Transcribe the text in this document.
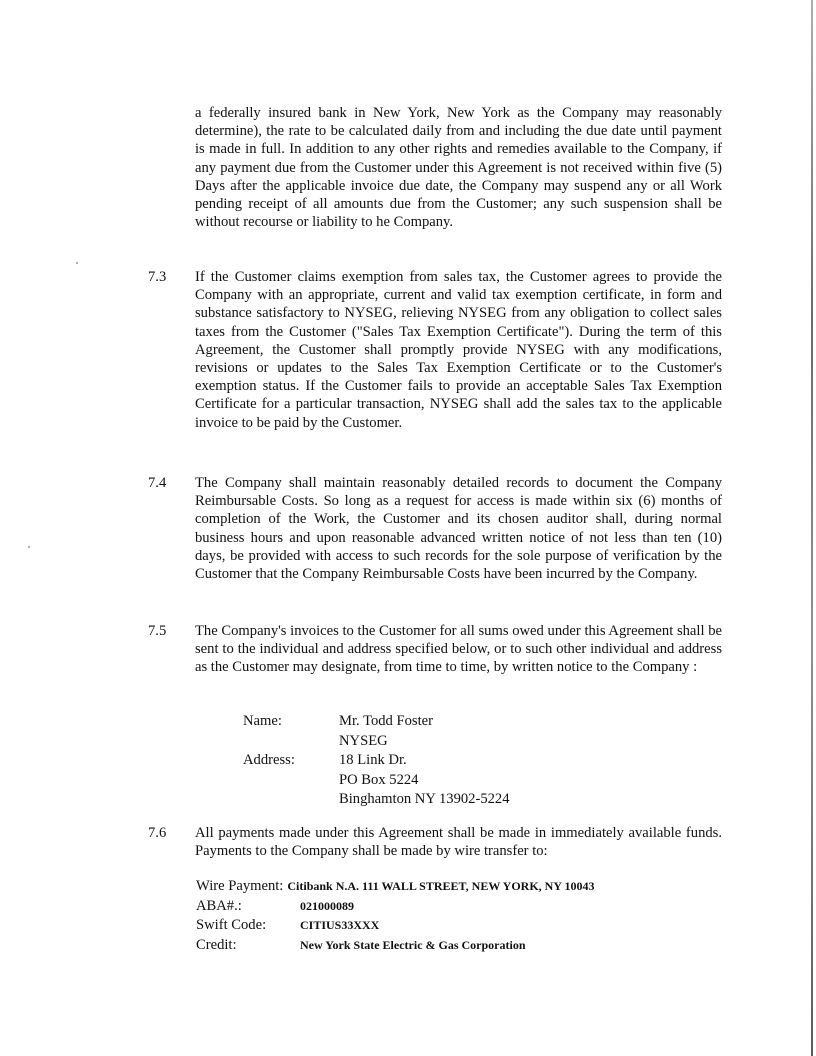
a federally insured bank in New York, New York as the Company may reasonably determine), the rate to be calculated daily from and including the due date until payment is made in full. In addition to any other rights and remedies available to the Company, if any payment due from the Customer under this Agreement is not received within five (5) Days after the applicable invoice due date, the Company may suspend any or all Work pending receipt of all amounts due from the Customer; any such suspension shall be without recourse or liability to he Company.
7.3 If the Customer claims exemption from sales tax, the Customer agrees to provide the Company with an appropriate, current and valid tax exemption certificate, in form and substance satisfactory to NYSEG, relieving NYSEG from any obligation to collect sales taxes from the Customer ("Sales Tax Exemption Certificate"). During the term of this Agreement, the Customer shall promptly provide NYSEG with any modifications, revisions or updates to the Sales Tax Exemption Certificate or to the Customer's exemption status. If the Customer fails to provide an acceptable Sales Tax Exemption Certificate for a particular transaction, NYSEG shall add the sales tax to the applicable invoice to be paid by the Customer.
7.4 The Company shall maintain reasonably detailed records to document the Company Reimbursable Costs. So long as a request for access is made within six (6) months of completion of the Work, the Customer and its chosen auditor shall, during normal business hours and upon reasonable advanced written notice of not less than ten (10) days, be provided with access to such records for the sole purpose of verification by the Customer that the Company Reimbursable Costs have been incurred by the Company.
7.5 The Company's invoices to the Customer for all sums owed under this Agreement shall be sent to the individual and address specified below, or to such other individual and address as the Customer may designate, from time to time, by written notice to the Company :
Name:	Mr. Todd Foster
NYSEG
Address:	18 Link Dr.
PO Box 5224
Binghamton NY 13902-5224
7.6 All payments made under this Agreement shall be made in immediately available funds. Payments to the Company shall be made by wire transfer to:
Wire Payment: Citibank N.A. 111 WALL STREET, NEW YORK, NY 10043
ABA#.:	021000089
Swift Code:	CITIUS33XXX
Credit:	New York State Electric & Gas Corporation
